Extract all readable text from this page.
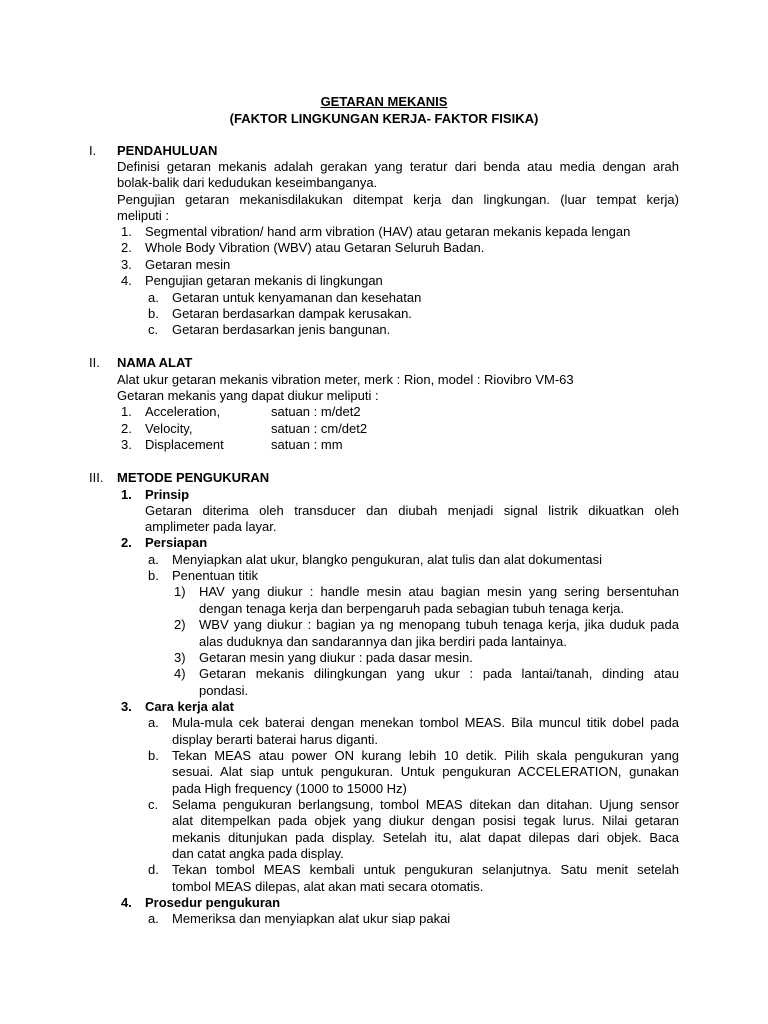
GETARAN MEKANIS
(FAKTOR LINGKUNGAN KERJA- FAKTOR FISIKA)
I. PENDAHULUAN
Definisi getaran mekanis adalah gerakan yang teratur dari benda atau media dengan arah
bolak-balik dari kedudukan keseimbanganya.
Pengujian getaran mekanisdilakukan ditempat kerja dan lingkungan. (luar tempat kerja)
meliputi :
1. Segmental vibration/ hand arm vibration (HAV) atau getaran mekanis kepada lengan
2. Whole Body Vibration (WBV) atau Getaran Seluruh Badan.
3. Getaran mesin
4. Pengujian getaran mekanis di lingkungan
a. Getaran untuk kenyamanan dan kesehatan
b. Getaran berdasarkan dampak kerusakan.
c. Getaran berdasarkan jenis bangunan.
II. NAMA ALAT
Alat ukur getaran mekanis vibration meter, merk : Rion, model : Riovibro VM-63
Getaran mekanis yang dapat diukur meliputi :
1. Acceleration,	satuan : m/det2
2. Velocity,	satuan : cm/det2
3. Displacement	satuan : mm
III. METODE PENGUKURAN
1. Prinsip
Getaran diterima oleh transducer dan diubah menjadi signal listrik dikuatkan oleh
amplimeter pada layar.
2. Persiapan
a. Menyiapkan alat ukur, blangko pengukuran, alat tulis dan alat dokumentasi
b. Penentuan titik
1) HAV yang diukur : handle mesin atau bagian mesin yang sering bersentuhan
dengan tenaga kerja dan berpengaruh pada sebagian tubuh tenaga kerja.
2) WBV yang diukur : bagian ya ng menopang tubuh tenaga kerja, jika duduk pada
alas duduknya dan sandarannya dan jika berdiri pada lantainya.
3) Getaran mesin yang diukur : pada dasar mesin.
4) Getaran mekanis dilingkungan yang ukur : pada lantai/tanah, dinding atau
pondasi.
3. Cara kerja alat
a. Mula-mula cek baterai dengan menekan tombol MEAS. Bila muncul titik dobel pada
display berarti baterai harus diganti.
b. Tekan MEAS atau power ON kurang lebih 10 detik. Pilih skala pengukuran yang
sesuai. Alat siap untuk pengukuran. Untuk pengukuran ACCELERATION, gunakan
pada High frequency (1000 to 15000 Hz)
c. Selama pengukuran berlangsung, tombol MEAS ditekan dan ditahan. Ujung sensor
alat ditempelkan pada objek yang diukur dengan posisi tegak lurus. Nilai getaran
mekanis ditunjukan pada display. Setelah itu, alat dapat dilepas dari objek. Baca
dan catat angka pada display.
d. Tekan tombol MEAS kembali untuk pengukuran selanjutnya. Satu menit setelah
tombol MEAS dilepas, alat akan mati secara otomatis.
4. Prosedur pengukuran
a. Memeriksa dan menyiapkan alat ukur siap pakai
